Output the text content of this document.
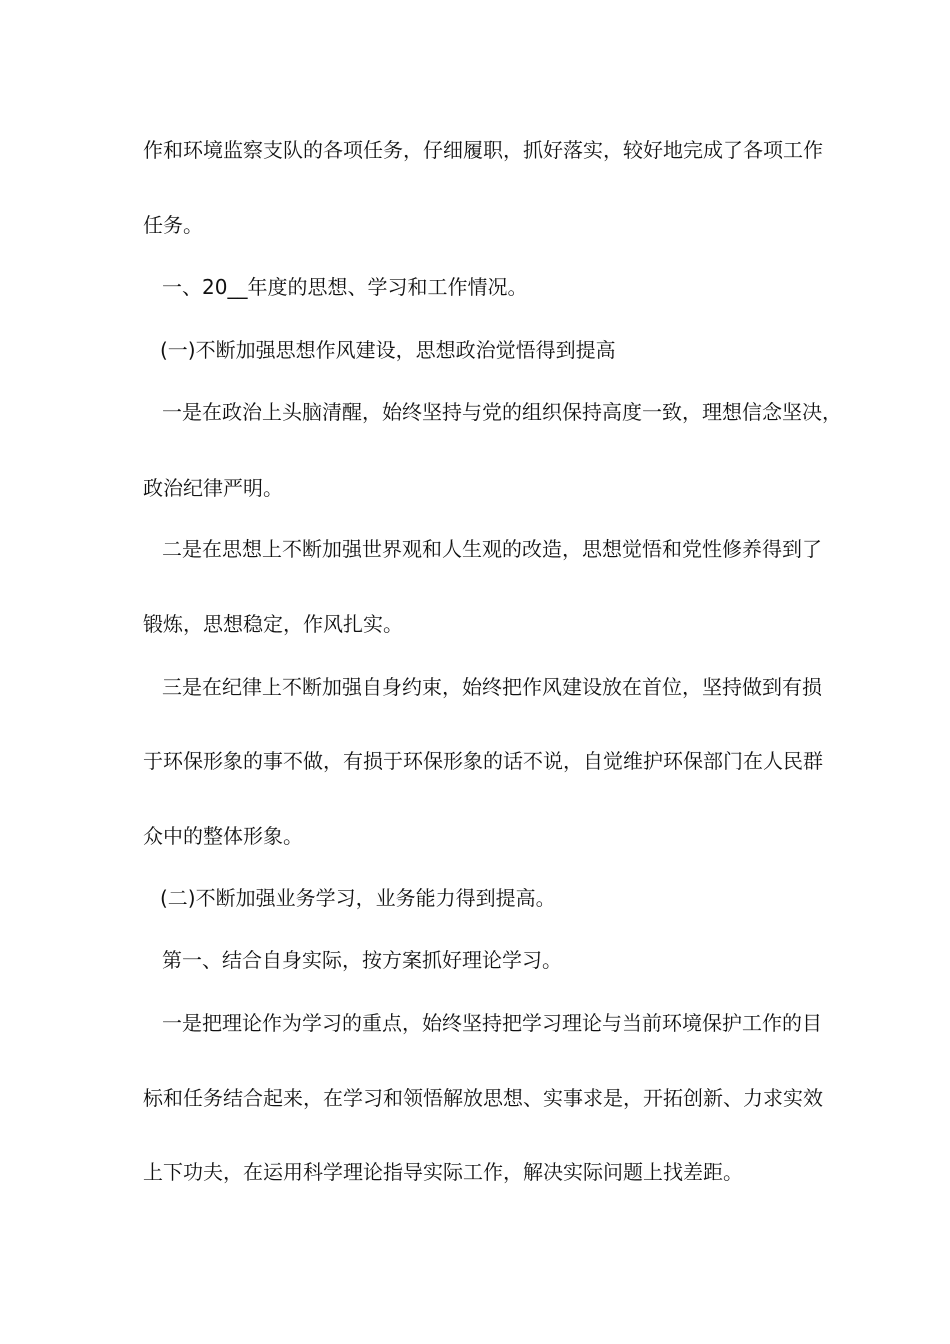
作和环境监察支队的各项任务，仔细履职，抓好落实，较好地完成了各项工作
任务。
一、20__年度的思想、学习和工作情况。
(一)不断加强思想作风建设，思想政治觉悟得到提高
一是在政治上头脑清醒，始终坚持与党的组织保持高度一致，理想信念坚决，
政治纪律严明。
二是在思想上不断加强世界观和人生观的改造，思想觉悟和党性修养得到了
锻炼，思想稳定，作风扎实。
三是在纪律上不断加强自身约束，始终把作风建设放在首位，坚持做到有损
于环保形象的事不做，有损于环保形象的话不说，自觉维护环保部门在人民群
众中的整体形象。
(二)不断加强业务学习，业务能力得到提高。
第一、结合自身实际，按方案抓好理论学习。
一是把理论作为学习的重点，始终坚持把学习理论与当前环境保护工作的目
标和任务结合起来，在学习和领悟解放思想、实事求是，开拓创新、力求实效
上下功夫，在运用科学理论指导实际工作，解决实际问题上找差距。
